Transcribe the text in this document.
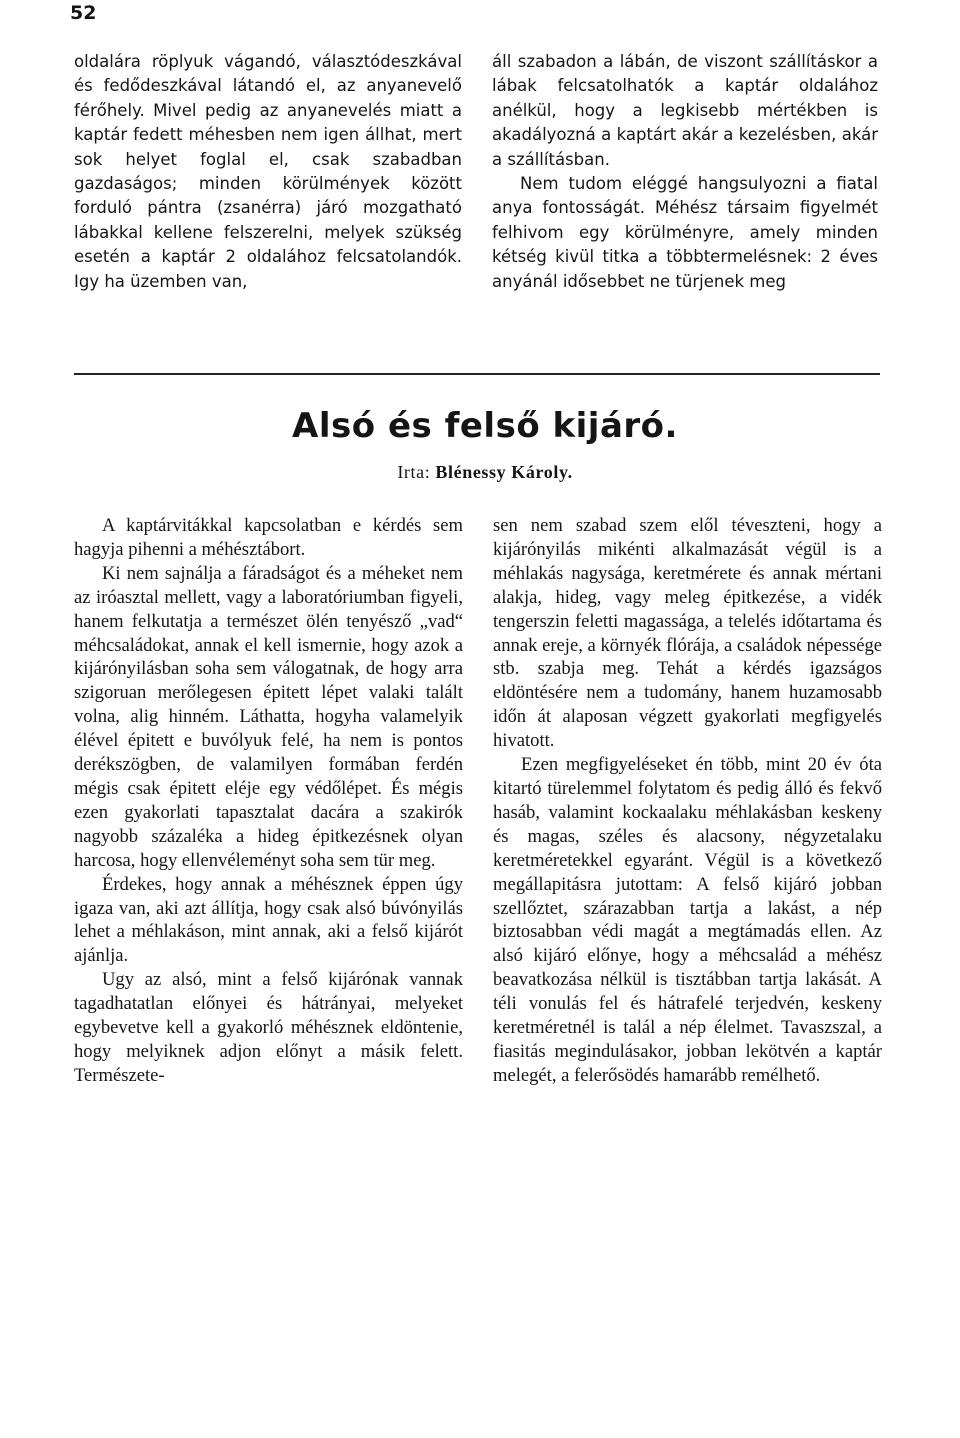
52

oldalára röplyuk vágandó, választódeszkával és fedődeszkával látandó el, az anyanevelő férőhely. Mivel pedig az anyanevelés miatt a kaptár fedett méhesben nem igen állhat, mert sok helyet foglal el, csak szabadban gazdaságos; minden körülmények között forduló pántra (zsanérra) járó mozgatható lábakkal kellene felszerelni, melyek szükség esetén a kaptár 2 oldalához felcsatolandók. Igy ha üzemben van,

áll szabadon a lábán, de viszont szállításkor a lábak felcsatolhatók a kaptár oldalához anélkül, hogy a legkisebb mértékben is akadályozná a kaptárt akár a kezelésben, akár a szállításban.

Nem tudom eléggé hangsulyozni a fiatal anya fontosságát. Méhész társaim figyelmét felhivom egy körülményre, amely minden kétség kivül titka a többtermelésnek: 2 éves anyánál idősebbet ne türjenek meg

Alsó és felső kijáró.
Irta: Blénessy Károly.

A kaptárvitákkal kapcsolatban e kérdés sem hagyja pihenni a méhésztábort.

Ki nem sajnálja a fáradságot és a méheket nem az iróasztal mellett, vagy a laboratóriumban figyeli, hanem felkutatja a természet ölén tenyésző „vad“ méhcsaládokat, annak el kell ismernie, hogy azok a kijárónyilásban soha sem válogatnak, de hogy arra szigoruan merőlegesen épitett lépet valaki talált volna, alig hinném. Láthatta, hogyha valamelyik élével épitett e buvólyuk felé, ha nem is pontos derékszögben, de valamilyen formában ferdén mégis csak épitett eléje egy védőlépet. És mégis ezen gyakorlati tapasztalat dacára a szakirók nagyobb százaléka a hideg épitkezésnek olyan harcosa, hogy ellenvéleményt soha sem tür meg.

Érdekes, hogy annak a méhésznek éppen úgy igaza van, aki azt állítja, hogy csak alsó búvónyilás lehet a méhlakáson, mint annak, aki a felső kijárót ajánlja.

Ugy az alsó, mint a felső kijárónak vannak tagadhatatlan előnyei és hátrányai, melyeket egybevetve kell a gyakorló méhésznek eldöntenie, hogy melyiknek adjon előnyt a másik felett. Természete-

sen nem szabad szem elől téveszteni, hogy a kijárónyilás mikénti alkalmazását végül is a méhlakás nagysága, keretmérete és annak mértani alakja, hideg, vagy meleg épitkezése, a vidék tengerszin feletti magassága, a telelés időtartama és annak ereje, a környék flórája, a családok népessége stb. szabja meg. Tehát a kérdés igazságos eldöntésére nem a tudomány, hanem huzamosabb időn át alaposan végzett gyakorlati megfigyelés hivatott.

Ezen megfigyeléseket én több, mint 20 év óta kitartó türelemmel folytatom és pedig álló és fekvő hasáb, valamint kockaalaku méhlakásban keskeny és magas, széles és alacsony, négyzetalaku keretméretekkel egyaránt. Végül is a következő megállapitásra jutottam: A felső kijáró jobban szellőztet, szárazabban tartja a lakást, a nép biztosabban védi magát a megtámadás ellen. Az alsó kijáró előnye, hogy a méhcsalád a méhész beavatkozása nélkül is tisztábban tartja lakását. A téli vonulás fel és hátrafelé terjedvén, keskeny keretméretnél is talál a nép élelmet. Tavaszszal, a fiasitás megindulásakor, jobban lekötvén a kaptár melegét, a felerősödés hamarább remélhető.
